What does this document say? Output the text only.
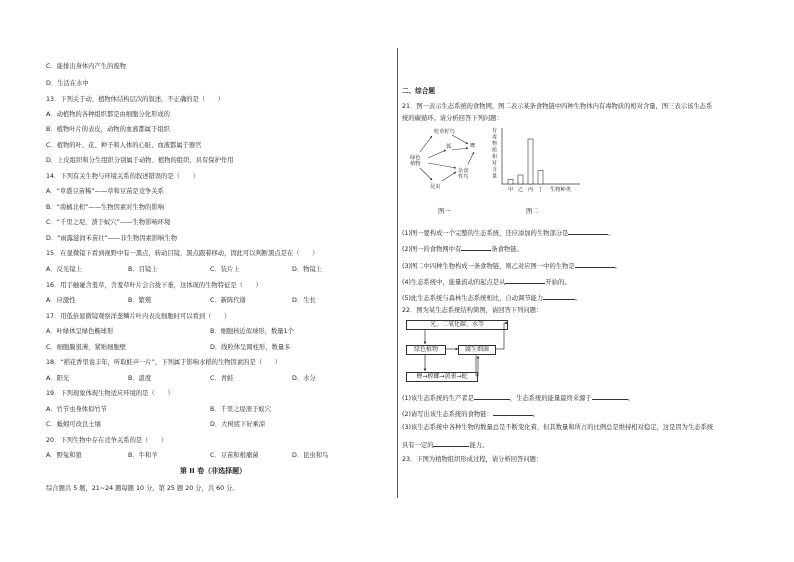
C．能排出身体内产生的废物
D．生活在水中
13．下列关于动、植物体结构层次的叙述，不正确的是（　　）
A．动植物的各种组织都是由细胞分化形成的
B．植物叶片的表皮，动物的血液都属于组织
C．植物的叶、花、种子和人体的心脏、血液都属于器官
D．上皮组织和分生组织分别属于动物、植物的组织，具有保护作用
14．下列有关生物与环境关系的叙述错误的是（　　）
A．“草盛豆苗稀”——草和豆苗是竞争关系
B．“南橘北枳”——生物因素对生物的影响
C．“千里之堤，溃于蚁穴”——生物影响环境
D．“雨露滋润禾苗壮”——非生物因素影响生物
15．在显微镜下看到视野中有一黑点，转动目镜，黑点跟着移动，因此可以判断黑点是在（　　）
A．反光镜上	B．目镜上	C．装片上	D．物镜上
16．用手触碰含羞草，含羞草叶片会合拢下垂，这体现的生物特征是（　　）
A．应激性	B．繁殖	C．新陈代谢	D．生长
17．用低倍显微镜观察洋葱鳞片叶内表皮细胞时可以看到（　　）
A．叶绿体呈绿色椭球形	B．细胞核近似球形，数量1个
C．细胞膜很薄，紧贴细胞壁	D．线粒体呈圆柱形，数量多
18．“稻花香里说丰年，听取蛙声一片”，下列属于影响水稻的生物因素的是（　　）
A．阳光	B．温度	C．青蛙	D．水分
19．下列现象体现生物适应环境的是（　　）
A．竹节虫身体似竹节	B．千里之堤溃于蚁穴
C．蚯蚓可改良土壤	D．大树底下好乘凉
20．下列生物中存在竞争关系的是（　　）
A．野兔和狼	B．牛和羊	C．豆苗和根瘤菌	D．昆虫和鸟
第 II 卷（非选择题）
综合题共 5 题，21~24 题每题 10 分，第 25 题 20 分，共 60 分。
二、综合题
21．图一表示生态系统的食物网，图二表示某条食物链中四种生物体内有毒物质的相对含量，图三表示该生态系
统的碳循环。请分析回答下列问题：
吃草籽鸟
鹰
狐
绿色植物
杂食性鸟
昆虫
图一
有
毒
物
质
相
对
含
量
甲 乙 丙 丁 生物种类
图二
(1)图一要构成一个完整的生态系统，还应添加的生物部分是	。
(2)图一的食物网中有	条食物链。
(3)图二中四种生物构成一条食物链，则乙对应图一中的生物是	。
(4)生态系统中，能量流动的起点是从	开始的。
(5)此生态系统与森林生态系统相比，自动调节能力	。
22．图为某生态系统结构简图，请回答下列问题：
光、二氧化碳、水等
绿色植物	腐生细菌
蝉→螳螂→黄雀→蛇
(1)该生态系统的生产者是	，生态系统的能量最终来源于	。
(2)请写出该生态系统的食物链：	。
(3)该生态系统中各种生物的数量总是不断变化着，但其数量和所占的比例总是维持相对稳定，这是因为生态系统
具有一定的	能力。
23．下图为植物组织形成过程，请分析回答问题：
